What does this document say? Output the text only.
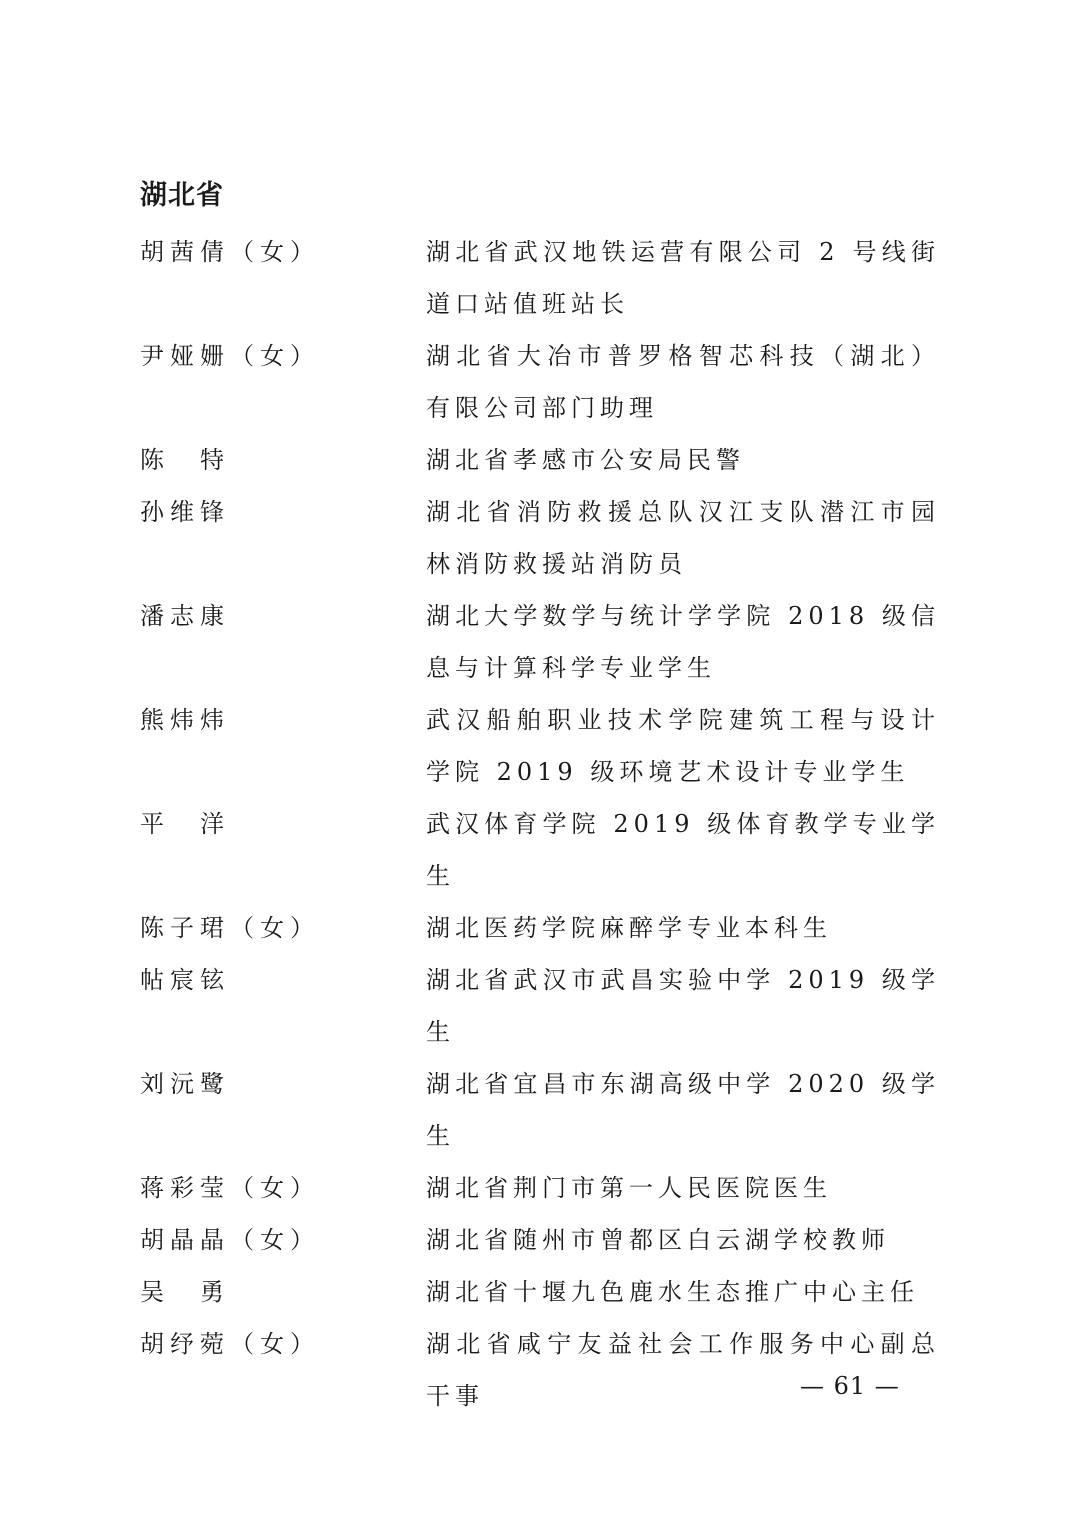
湖北省
胡茜倩（女）	湖北省武汉地铁运营有限公司 2 号线街道口站值班站长
尹娅姗（女）	湖北省大冶市普罗格智芯科技（湖北）有限公司部门助理
陈　特	湖北省孝感市公安局民警
孙维锋	湖北省消防救援总队汉江支队潜江市园林消防救援站消防员
潘志康	湖北大学数学与统计学学院 2018 级信息与计算科学专业学生
熊炜炜	武汉船舶职业技术学院建筑工程与设计学院 2019 级环境艺术设计专业学生
平　洋	武汉体育学院 2019 级体育教学专业学生
陈子珺（女）	湖北医药学院麻醉学专业本科生
帖宸铉	湖北省武汉市武昌实验中学 2019 级学生
刘沅鹭	湖北省宜昌市东湖高级中学 2020 级学生
蒋彩莹（女）	湖北省荆门市第一人民医院医生
胡晶晶（女）	湖北省随州市曾都区白云湖学校教师
吴　勇	湖北省十堰九色鹿水生态推广中心主任
胡纾菀（女）	湖北省咸宁友益社会工作服务中心副总干事	— 61 —
